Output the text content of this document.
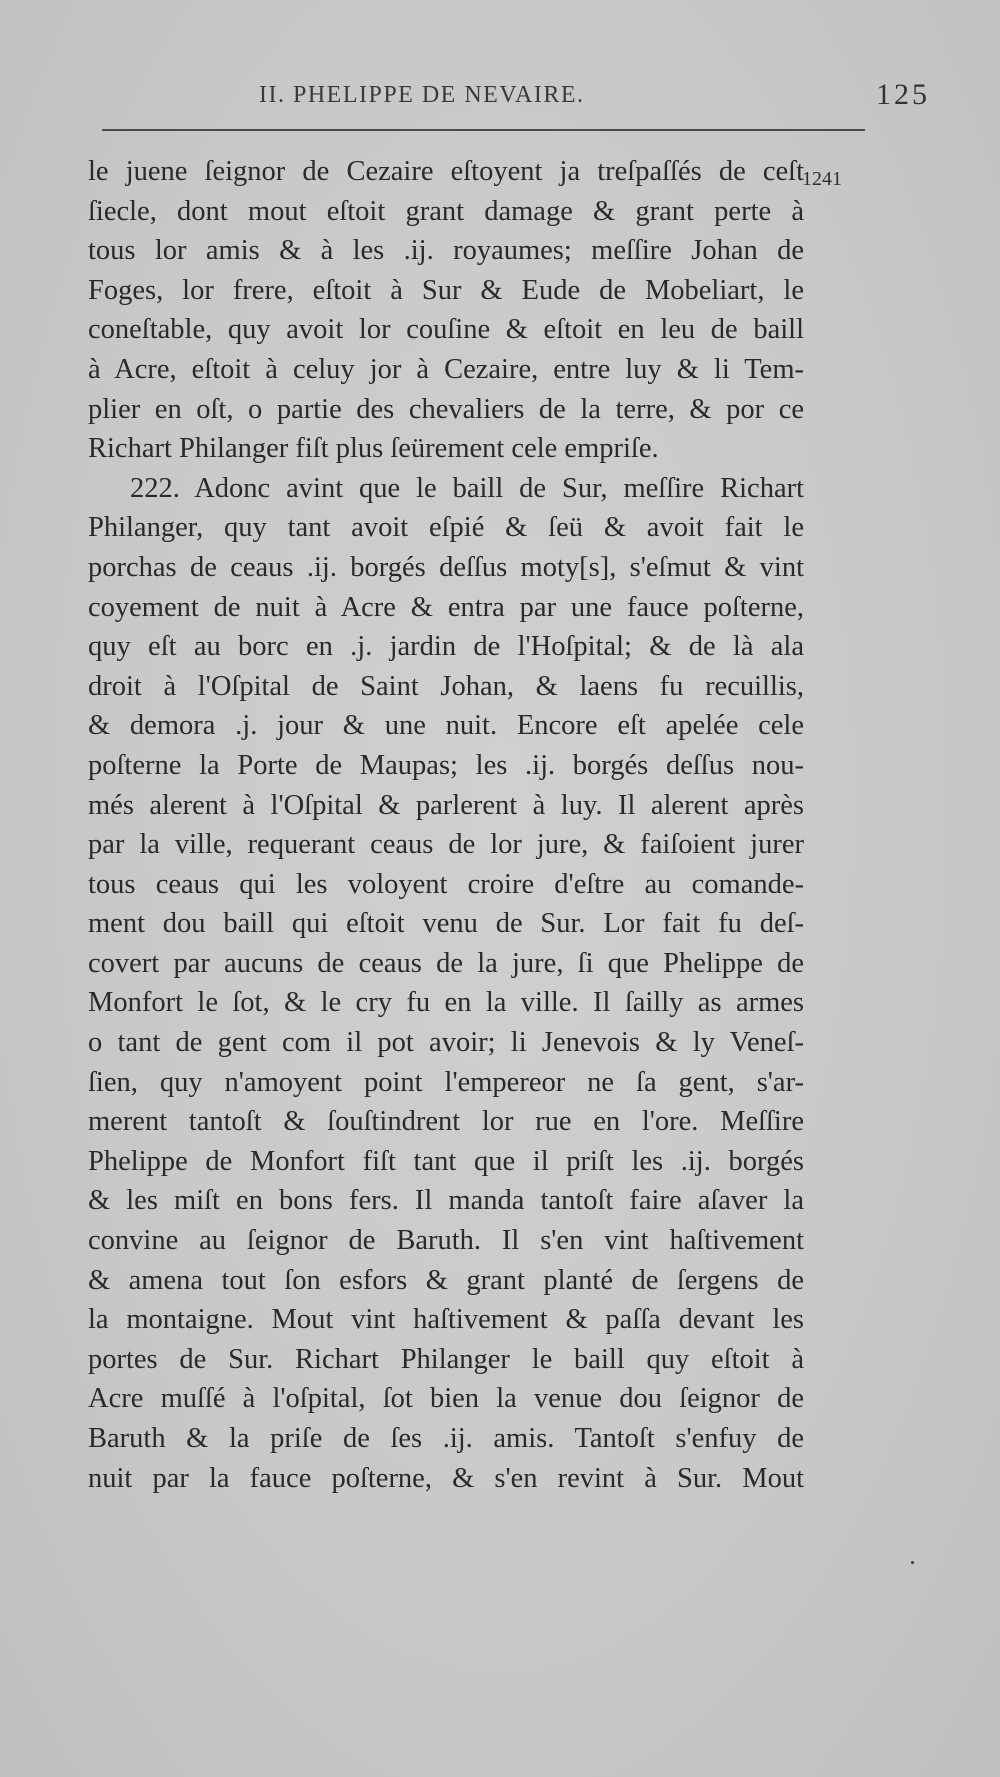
II. PHELIPPE DE NEVAIRE.	125
1241
le juene ſeignor de Cezaire eſtoyent ja treſpaſſés de ceſt
ſiecle, dont mout eſtoit grant damage & grant perte à
tous lor amis & à les .ij. royaumes; meſſire Johan de
Foges, lor frere, eſtoit à Sur & Eude de Mobeliart, le
coneſtable, quy avoit lor couſine & eſtoit en leu de baill
à Acre, eſtoit à celuy jor à Cezaire, entre luy & li Tem-
plier en oſt, o partie des chevaliers de la terre, & por ce
Richart Philanger fiſt plus ſeürement cele empriſe.
222. Adonc avint que le baill de Sur, meſſire Richart
Philanger, quy tant avoit eſpié & ſeü & avoit fait le
porchas de ceaus .ij. borgés deſſus moty[s], s'eſmut & vint
coyement de nuit à Acre & entra par une fauce poſterne,
quy eſt au borc en .j. jardin de l'Hoſpital; & de là ala
droit à l'Oſpital de Saint Johan, & laens fu recuillis,
& demora .j. jour & une nuit. Encore eſt apelée cele
poſterne la Porte de Maupas; les .ij. borgés deſſus nou-
més alerent à l'Oſpital & parlerent à luy. Il alerent après
par la ville, requerant ceaus de lor jure, & faiſoient jurer
tous ceaus qui les voloyent croire d'eſtre au comande-
ment dou baill qui eſtoit venu de Sur. Lor fait fu deſ-
covert par aucuns de ceaus de la jure, ſi que Phelippe de
Monfort le ſot, & le cry fu en la ville. Il ſailly as armes
o tant de gent com il pot avoir; li Jenevois & ly Veneſ-
ſien, quy n'amoyent point l'empereor ne ſa gent, s'ar-
merent tantoſt & ſouſtindrent lor rue en l'ore. Meſſire
Phelippe de Monfort fiſt tant que il priſt les .ij. borgés
& les miſt en bons fers. Il manda tantoſt faire aſaver la
convine au ſeignor de Baruth. Il s'en vint haſtivement
& amena tout ſon esfors & grant planté de ſergens de
la montaigne. Mout vint haſtivement & paſſa devant les
portes de Sur. Richart Philanger le baill quy eſtoit à
Acre muſſé à l'oſpital, ſot bien la venue dou ſeignor de
Baruth & la priſe de ſes .ij. amis. Tantoſt s'enfuy de
nuit par la fauce poſterne, & s'en revint à Sur. Mout
